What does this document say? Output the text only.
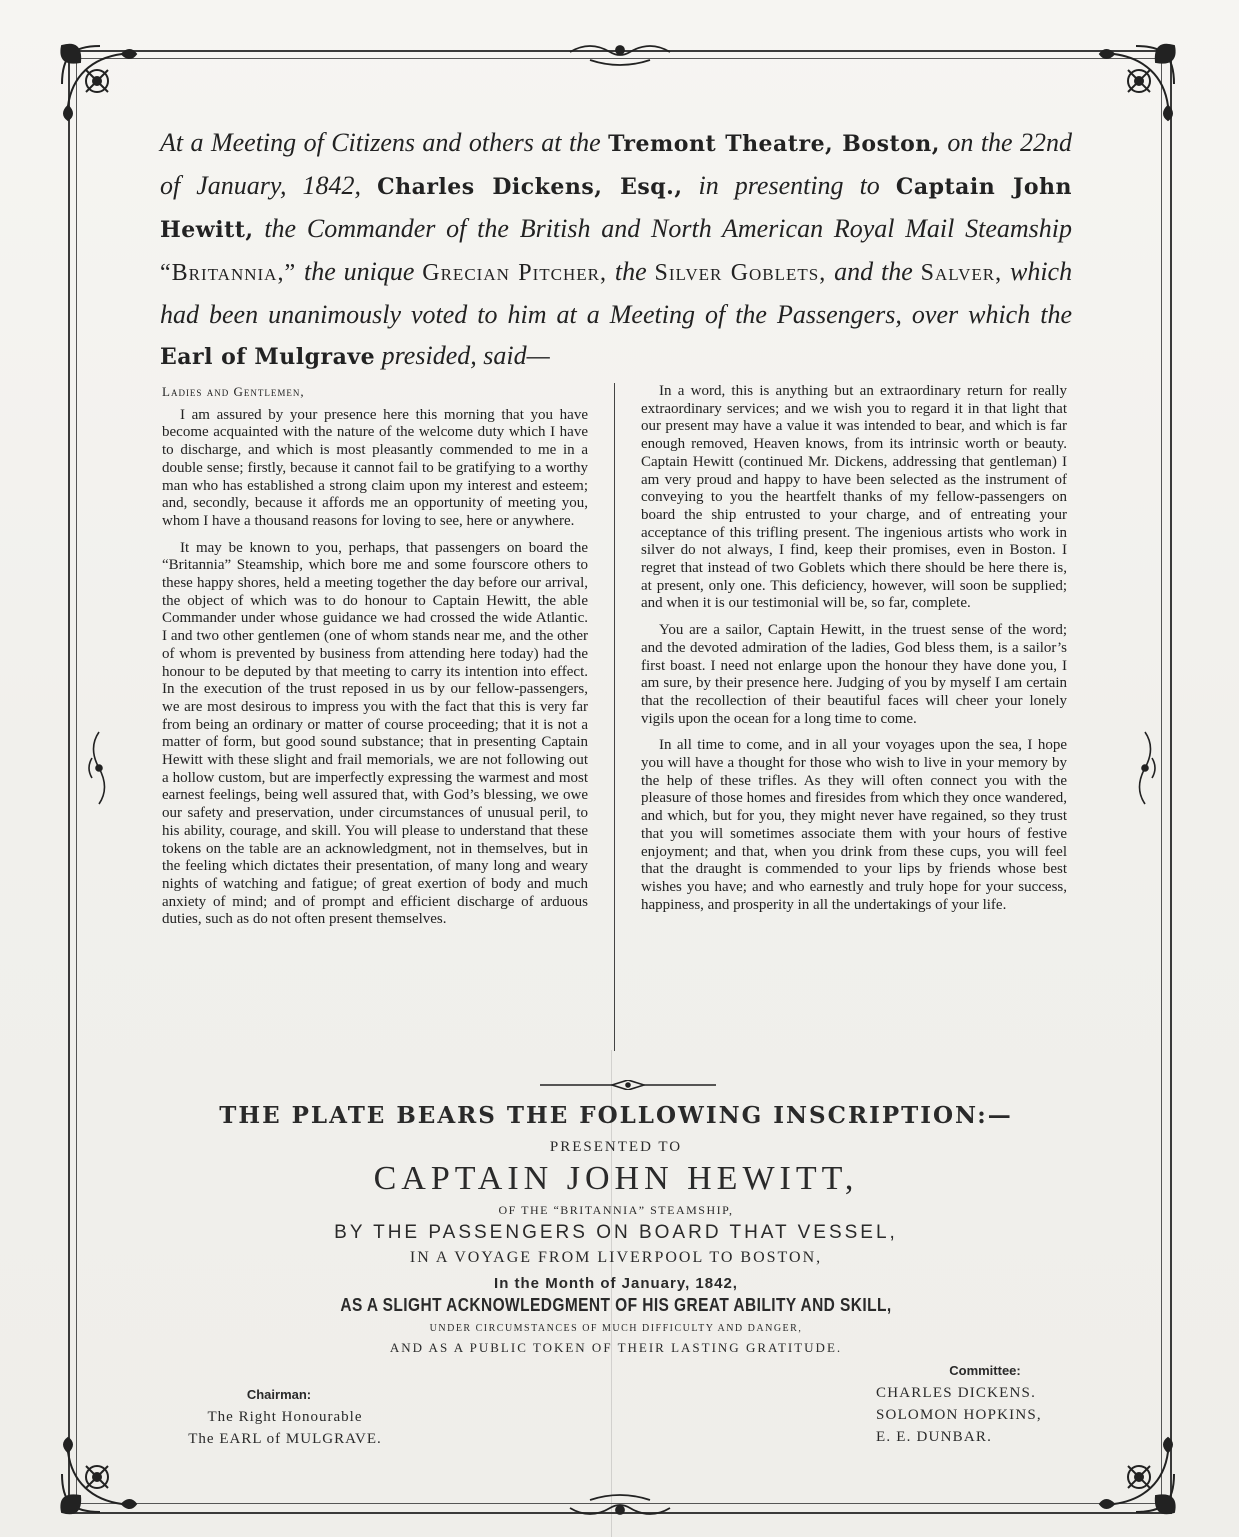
At a Meeting of Citizens and others at the Tremont Theatre, Boston, on the 22nd of January, 1842, Charles Dickens, Esq., in presenting to Captain John Hewitt, the Commander of the British and North American Royal Mail Steamship “Britannia,” the unique Grecian Pitcher, the Silver Goblets, and the Salver, which had been unanimously voted to him at a Meeting of the Passengers, over which the Earl of Mulgrave presided, said—

Ladies and Gentlemen,

I am assured by your presence here this morning that you have become acquainted with the nature of the welcome duty which I have to discharge, and which is most pleasantly commended to me in a double sense; firstly, because it cannot fail to be gratifying to a worthy man who has established a strong claim upon my interest and esteem; and, secondly, because it affords me an opportunity of meeting you, whom I have a thousand reasons for loving to see, here or anywhere.

It may be known to you, perhaps, that passengers on board the “Britannia” Steamship, which bore me and some fourscore others to these happy shores, held a meeting together the day before our arrival, the object of which was to do honour to Captain Hewitt, the able Commander under whose guidance we had crossed the wide Atlantic. I and two other gentlemen (one of whom stands near me, and the other of whom is prevented by business from attending here today) had the honour to be deputed by that meeting to carry its intention into effect. In the execution of the trust reposed in us by our fellow-passengers, we are most desirous to impress you with the fact that this is very far from being an ordinary or matter of course proceeding; that it is not a matter of form, but good sound substance; that in presenting Captain Hewitt with these slight and frail memorials, we are not following out a hollow custom, but are imperfectly expressing the warmest and most earnest feelings, being well assured that, with God’s blessing, we owe our safety and preservation, under circumstances of unusual peril, to his ability, courage, and skill. You will please to understand that these tokens on the table are an acknowledgment, not in themselves, but in the feeling which dictates their presentation, of many long and weary nights of watching and fatigue; of great exertion of body and much anxiety of mind; and of prompt and efficient discharge of arduous duties, such as do not often present themselves.

In a word, this is anything but an extraordinary return for really extraordinary services; and we wish you to regard it in that light that our present may have a value it was intended to bear, and which is far enough removed, Heaven knows, from its intrinsic worth or beauty. Captain Hewitt (continued Mr. Dickens, addressing that gentleman) I am very proud and happy to have been selected as the instrument of conveying to you the heartfelt thanks of my fellow-passengers on board the ship entrusted to your charge, and of entreating your acceptance of this trifling present. The ingenious artists who work in silver do not always, I find, keep their promises, even in Boston. I regret that instead of two Goblets which there should be here there is, at present, only one. This deficiency, however, will soon be supplied; and when it is our testimonial will be, so far, complete.

You are a sailor, Captain Hewitt, in the truest sense of the word; and the devoted admiration of the ladies, God bless them, is a sailor’s first boast. I need not enlarge upon the honour they have done you, I am sure, by their presence here. Judging of you by myself I am certain that the recollection of their beautiful faces will cheer your lonely vigils upon the ocean for a long time to come.

In all time to come, and in all your voyages upon the sea, I hope you will have a thought for those who wish to live in your memory by the help of these trifles. As they will often connect you with the pleasure of those homes and firesides from which they once wandered, and which, but for you, they might never have regained, so they trust that you will sometimes associate them with your hours of festive enjoyment; and that, when you drink from these cups, you will feel that the draught is commended to your lips by friends whose best wishes you have; and who earnestly and truly hope for your success, happiness, and prosperity in all the undertakings of your life.

THE PLATE BEARS THE FOLLOWING INSCRIPTION:—
PRESENTED TO
CAPTAIN JOHN HEWITT,
OF THE “BRITANNIA” STEAMSHIP,
BY THE PASSENGERS ON BOARD THAT VESSEL,
IN A VOYAGE FROM LIVERPOOL TO BOSTON,
In the Month of January, 1842,
AS A SLIGHT ACKNOWLEDGMENT OF HIS GREAT ABILITY AND SKILL,
UNDER CIRCUMSTANCES OF MUCH DIFFICULTY AND DANGER,
AND AS A PUBLIC TOKEN OF THEIR LASTING GRATITUDE.
Chairman:
The Right Honourable
The EARL of MULGRAVE.
Committee:
CHARLES DICKENS.
SOLOMON HOPKINS,
E. E. DUNBAR.
